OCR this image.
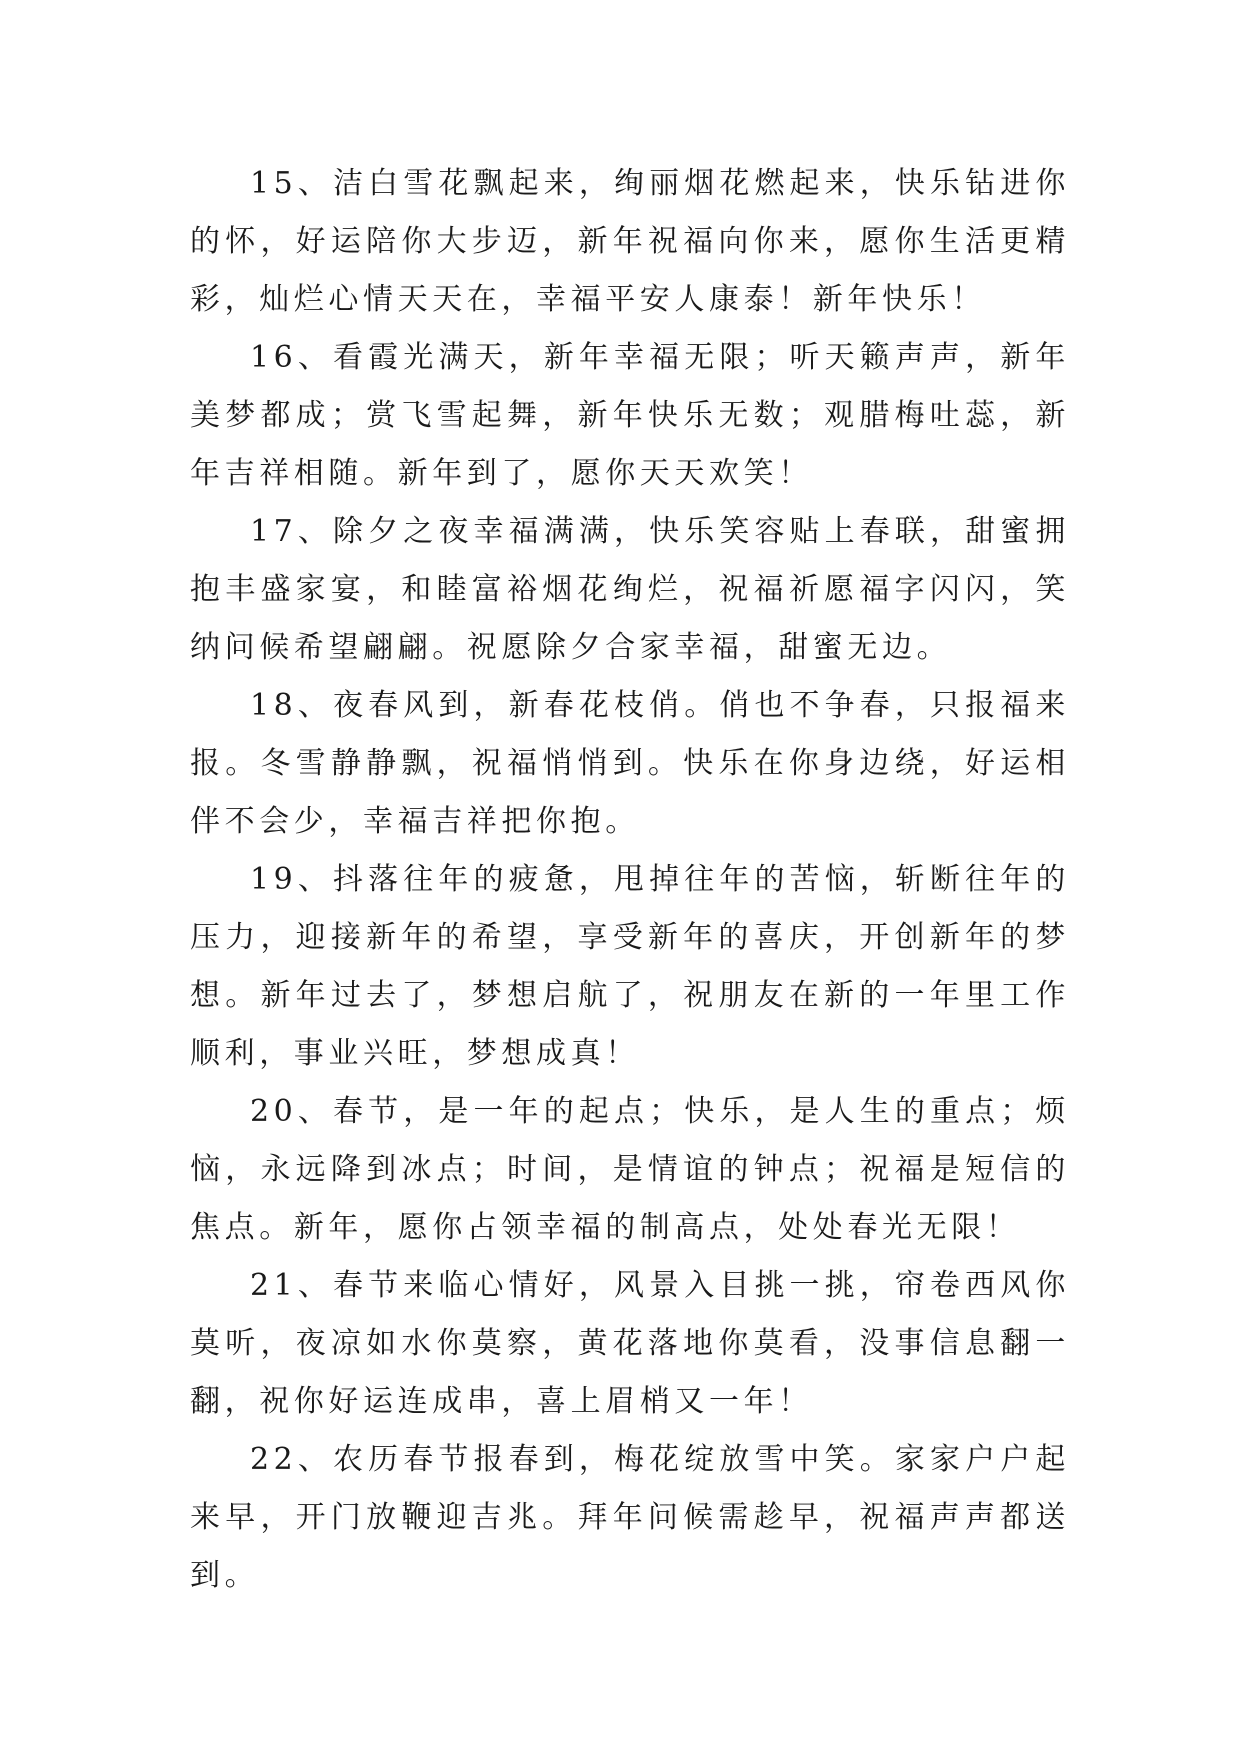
15、洁白雪花飘起来，绚丽烟花燃起来，快乐钻进你的怀，好运陪你大步迈，新年祝福向你来，愿你生活更精彩，灿烂心情天天在，幸福平安人康泰！新年快乐！

16、看霞光满天，新年幸福无限；听天籁声声，新年美梦都成；赏飞雪起舞，新年快乐无数；观腊梅吐蕊，新年吉祥相随。新年到了，愿你天天欢笑！

17、除夕之夜幸福满满，快乐笑容贴上春联，甜蜜拥抱丰盛家宴，和睦富裕烟花绚烂，祝福祈愿福字闪闪，笑纳问候希望翩翩。祝愿除夕合家幸福，甜蜜无边。

18、夜春风到，新春花枝俏。俏也不争春，只报福来报。冬雪静静飘，祝福悄悄到。快乐在你身边绕，好运相伴不会少，幸福吉祥把你抱。

19、抖落往年的疲惫，甩掉往年的苦恼，斩断往年的压力，迎接新年的希望，享受新年的喜庆，开创新年的梦想。新年过去了，梦想启航了，祝朋友在新的一年里工作顺利，事业兴旺，梦想成真！

20、春节，是一年的起点；快乐，是人生的重点；烦恼，永远降到冰点；时间，是情谊的钟点；祝福是短信的焦点。新年，愿你占领幸福的制高点，处处春光无限！

21、春节来临心情好，风景入目挑一挑，帘卷西风你莫听，夜凉如水你莫察，黄花落地你莫看，没事信息翻一翻，祝你好运连成串，喜上眉梢又一年！

22、农历春节报春到，梅花绽放雪中笑。家家户户起来早，开门放鞭迎吉兆。拜年问候需趁早，祝福声声都送到。
